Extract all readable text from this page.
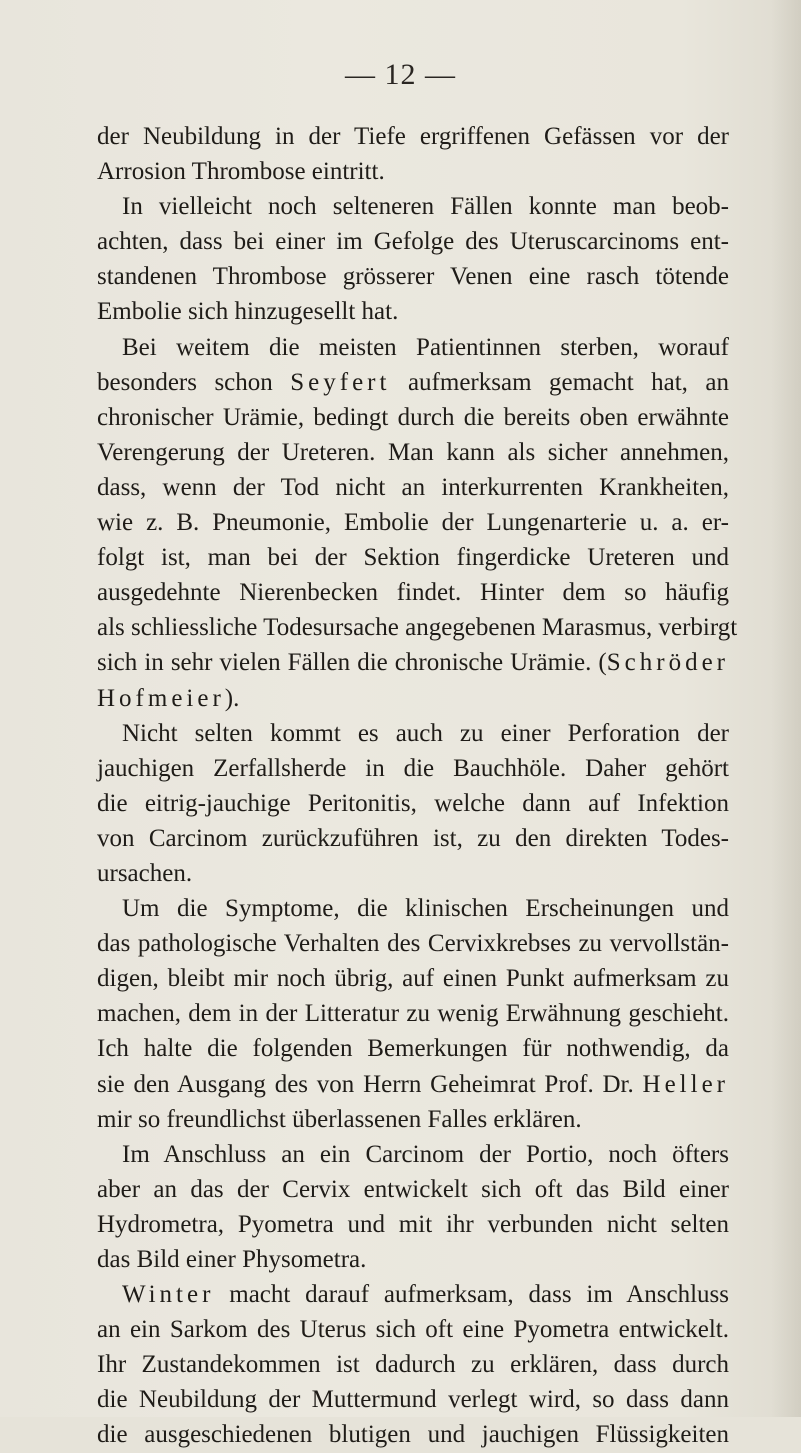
— 12 —
der Neubildung in der Tiefe ergriffenen Gefässen vor der
Arrosion Thrombose eintritt.
In vielleicht noch selteneren Fällen konnte man beob-
achten, dass bei einer im Gefolge des Uteruscarcinoms ent-
standenen Thrombose grösserer Venen eine rasch tötende
Embolie sich hinzugesellt hat.
Bei weitem die meisten Patientinnen sterben, worauf
besonders schon Seyfert aufmerksam gemacht hat, an
chronischer Urämie, bedingt durch die bereits oben erwähnte
Verengerung der Ureteren. Man kann als sicher annehmen,
dass, wenn der Tod nicht an interkurrenten Krankheiten,
wie z. B. Pneumonie, Embolie der Lungenarterie u. a. er-
folgt ist, man bei der Sektion fingerdicke Ureteren und
ausgedehnte Nierenbecken findet. Hinter dem so häufig
als schliessliche Todesursache angegebenen Marasmus, verbirgt
sich in sehr vielen Fällen die chronische Urämie. (Schröder
Hofmeier).
Nicht selten kommt es auch zu einer Perforation der
jauchigen Zerfallsherde in die Bauchhöle. Daher gehört
die eitrig-jauchige Peritonitis, welche dann auf Infektion
von Carcinom zurückzuführen ist, zu den direkten Todes-
ursachen.
Um die Symptome, die klinischen Erscheinungen und
das pathologische Verhalten des Cervixkrebses zu vervollstän-
digen, bleibt mir noch übrig, auf einen Punkt aufmerksam zu
machen, dem in der Litteratur zu wenig Erwähnung geschieht.
Ich halte die folgenden Bemerkungen für nothwendig, da
sie den Ausgang des von Herrn Geheimrat Prof. Dr. Heller
mir so freundlichst überlassenen Falles erklären.
Im Anschluss an ein Carcinom der Portio, noch öfters
aber an das der Cervix entwickelt sich oft das Bild einer
Hydrometra, Pyometra und mit ihr verbunden nicht selten
das Bild einer Physometra.
Winter macht darauf aufmerksam, dass im Anschluss
an ein Sarkom des Uterus sich oft eine Pyometra entwickelt.
Ihr Zustandekommen ist dadurch zu erklären, dass durch
die Neubildung der Muttermund verlegt wird, so dass dann
die ausgeschiedenen blutigen und jauchigen Flüssigkeiten
